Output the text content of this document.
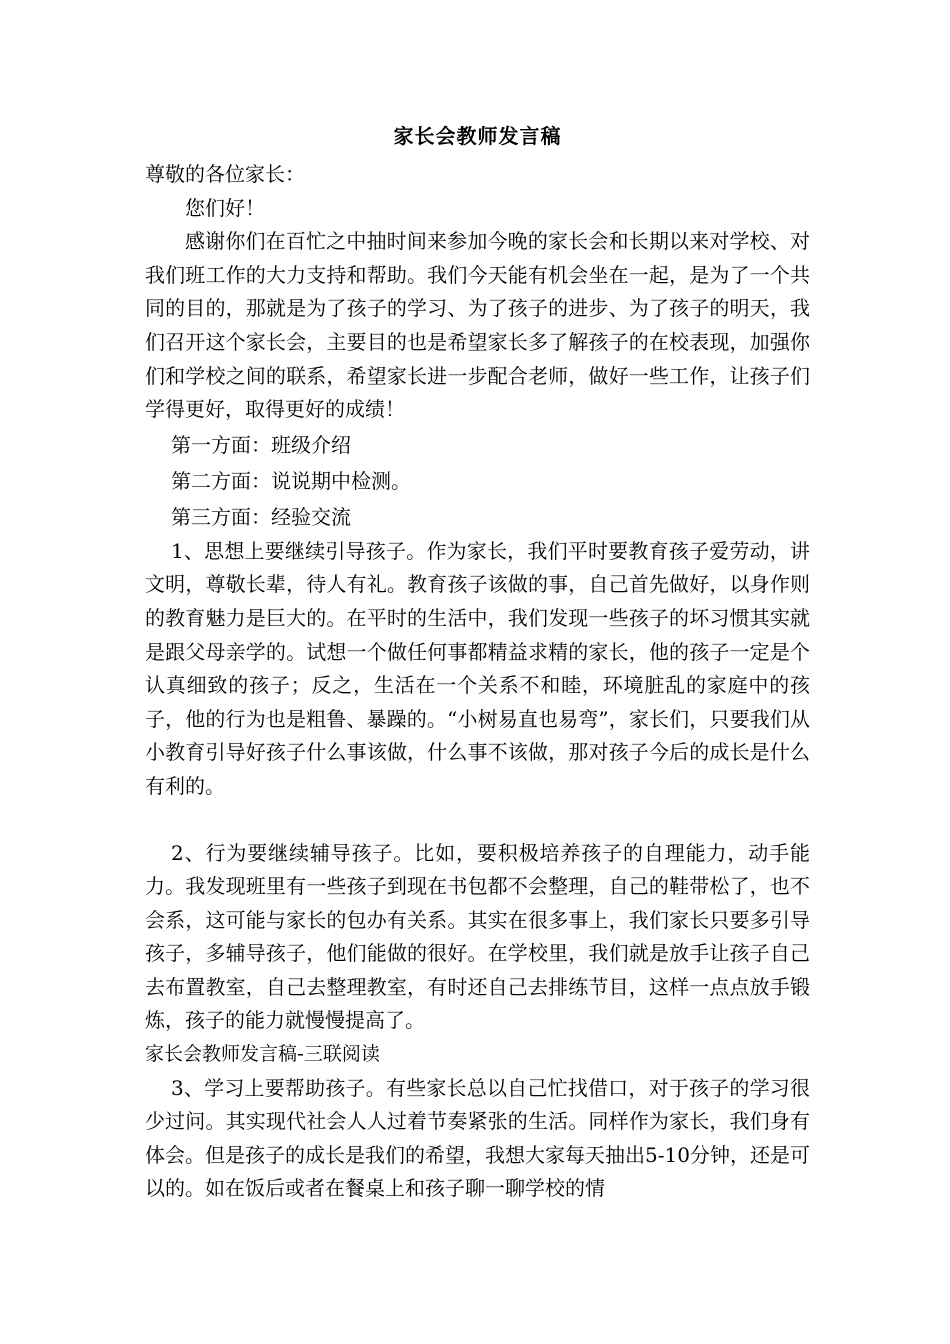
家长会教师发言稿

尊敬的各位家长：

您们好！

感谢你们在百忙之中抽时间来参加今晚的家长会和长期以来对学校、对我们班工作的大力支持和帮助。我们今天能有机会坐在一起，是为了一个共同的目的，那就是为了孩子的学习、为了孩子的进步、为了孩子的明天，我们召开这个家长会，主要目的也是希望家长多了解孩子的在校表现，加强你们和学校之间的联系，希望家长进一步配合老师，做好一些工作，让孩子们学得更好，取得更好的成绩！

第一方面：班级介绍

第二方面：说说期中检测。

第三方面：经验交流

1、思想上要继续引导孩子。作为家长，我们平时要教育孩子爱劳动，讲文明，尊敬长辈，待人有礼。教育孩子该做的事，自己首先做好，以身作则的教育魅力是巨大的。在平时的生活中，我们发现一些孩子的坏习惯其实就是跟父母亲学的。试想一个做任何事都精益求精的家长，他的孩子一定是个认真细致的孩子；反之，生活在一个关系不和睦，环境脏乱的家庭中的孩子，他的行为也是粗鲁、暴躁的。“小树易直也易弯”，家长们，只要我们从小教育引导好孩子什么事该做，什么事不该做，那对孩子今后的成长是什么有利的。

2、行为要继续辅导孩子。比如，要积极培养孩子的自理能力，动手能力。我发现班里有一些孩子到现在书包都不会整理，自己的鞋带松了，也不会系，这可能与家长的包办有关系。其实在很多事上，我们家长只要多引导孩子，多辅导孩子，他们能做的很好。在学校里，我们就是放手让孩子自己去布置教室，自己去整理教室，有时还自己去排练节目，这样一点点放手锻炼，孩子的能力就慢慢提高了。

家长会教师发言稿-三联阅读

3、学习上要帮助孩子。有些家长总以自己忙找借口，对于孩子的学习很少过问。其实现代社会人人过着节奏紧张的生活。同样作为家长，我们身有体会。但是孩子的成长是我们的希望，我想大家每天抽出5-10分钟，还是可以的。如在饭后或者在餐桌上和孩子聊一聊学校的情
